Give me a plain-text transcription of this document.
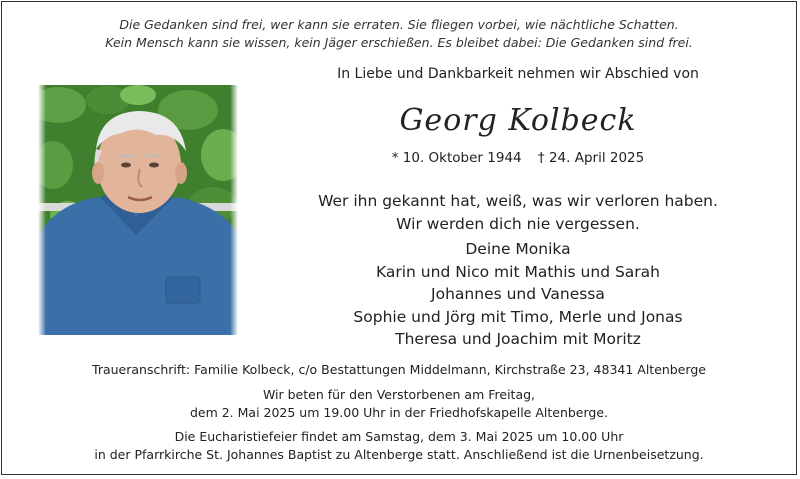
Die Gedanken sind frei, wer kann sie erraten. Sie fliegen vorbei, wie nächtliche Schatten.
Kein Mensch kann sie wissen, kein Jäger erschießen. Es bleibet dabei: Die Gedanken sind frei.
In Liebe und Dankbarkeit nehmen wir Abschied von
Georg Kolbeck
* 10. Oktober 1944 † 24. April 2025
Wer ihn gekannt hat, weiß, was wir verloren haben.
Wir werden dich nie vergessen.
Deine Monika
Karin und Nico mit Mathis und Sarah
Johannes und Vanessa
Sophie und Jörg mit Timo, Merle und Jonas
Theresa und Joachim mit Moritz
Traueranschrift: Familie Kolbeck, c/o Bestattungen Middelmann, Kirchstraße 23, 48341 Altenberge
Wir beten für den Verstorbenen am Freitag,
dem 2. Mai 2025 um 19.00 Uhr in der Friedhofskapelle Altenberge.
Die Eucharistiefeier findet am Samstag, dem 3. Mai 2025 um 10.00 Uhr
in der Pfarrkirche St. Johannes Baptist zu Altenberge statt. Anschließend ist die Urnenbeisetzung.
